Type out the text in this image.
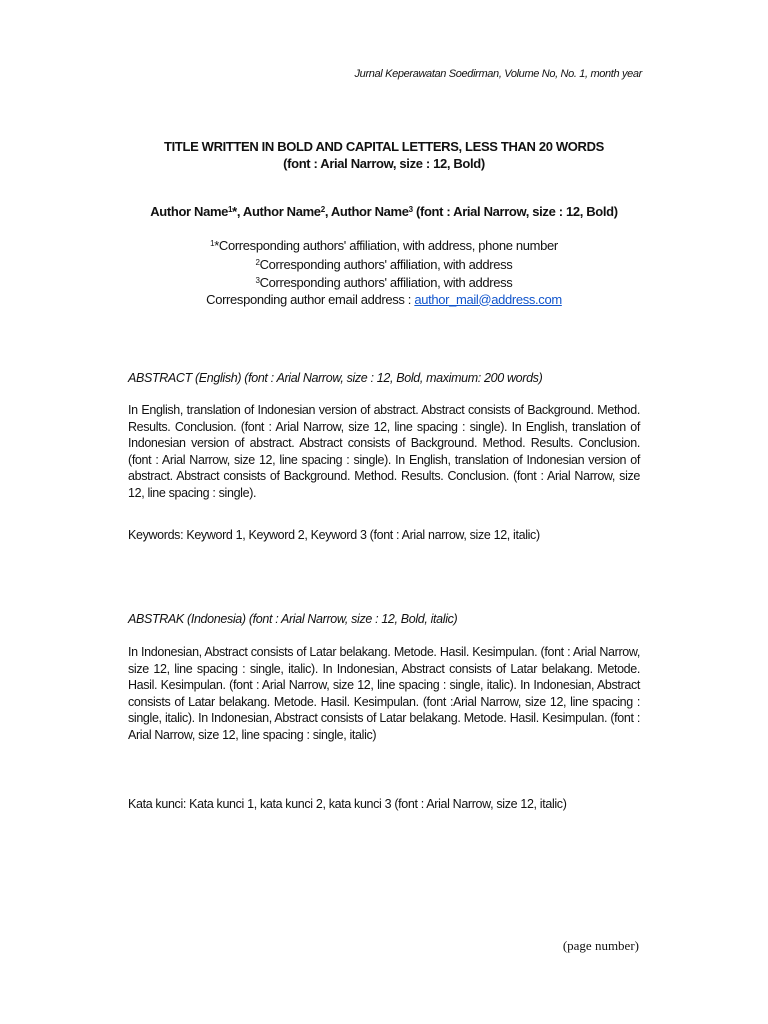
Jurnal Keperawatan Soedirman, Volume No, No. 1, month year
TITLE WRITTEN IN BOLD AND CAPITAL LETTERS, LESS THAN 20 WORDS
(font : Arial Narrow, size : 12, Bold)
Author Name$^1$*, Author Name$^2$, Author Name$^3$ (font : Arial Narrow, size : 12, Bold)
$^1$*Corresponding authors' affiliation, with address, phone number
$^2$Corresponding authors' affiliation, with address
$^3$Corresponding authors' affiliation, with address
Corresponding author email address : author_mail@address.com
ABSTRACT (English) (font : Arial Narrow, size : 12, Bold, maximum: 200 words)
In English, translation of Indonesian version of abstract. Abstract consists of Background. Method. Results. Conclusion. (font : Arial Narrow, size 12, line spacing : single). In English, translation of Indonesian version of abstract. Abstract consists of Background. Method. Results. Conclusion. (font : Arial Narrow, size 12, line spacing : single). In English, translation of Indonesian version of abstract. Abstract consists of Background. Method. Results. Conclusion. (font : Arial Narrow, size 12, line spacing : single).
Keywords: Keyword 1, Keyword 2, Keyword 3 (font : Arial narrow, size 12, italic)
ABSTRAK (Indonesia) (font : Arial Narrow, size : 12, Bold, italic)
In Indonesian, Abstract consists of Latar belakang. Metode. Hasil. Kesimpulan. (font : Arial Narrow, size 12, line spacing : single, italic). In Indonesian, Abstract consists of Latar belakang. Metode. Hasil. Kesimpulan. (font : Arial Narrow, size 12, line spacing : single, italic). In Indonesian, Abstract consists of Latar belakang. Metode. Hasil. Kesimpulan. (font :Arial Narrow, size 12, line spacing : single, italic). In Indonesian, Abstract consists of Latar belakang. Metode. Hasil. Kesimpulan. (font : Arial Narrow, size 12, line spacing : single, italic)
Kata kunci: Kata kunci 1, kata kunci 2, kata kunci 3 (font : Arial Narrow, size 12, italic)
(page number)
